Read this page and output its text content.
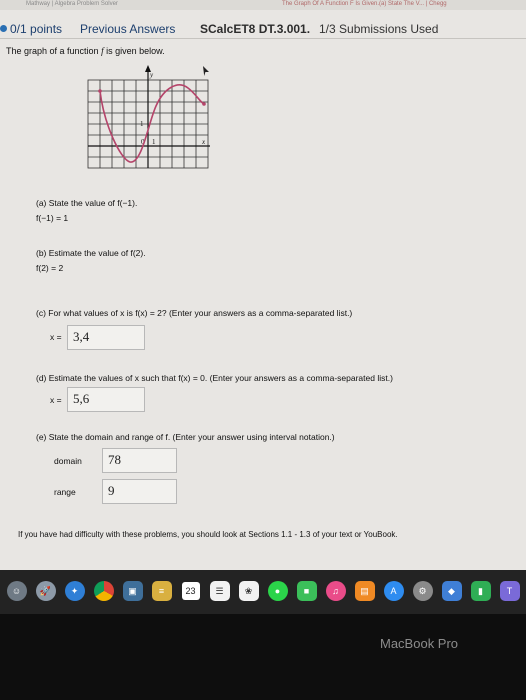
Mathway | Algebra Problem Solver	The Graph Of A Function F Is Given.(a) State The V... | Chegg
0/1 points Previous Answers SCalcET8 DT.3.001. 1/3 Submissions Used
The graph of a function f is given below.
y
x
1
0 1
(a) State the value of f(−1).
f(−1) = 1
(b) Estimate the value of f(2).
f(2) = 2
(c) For what values of x is f(x) = 2? (Enter your answers as a comma-separated list.)
x = 3,4
(d) Estimate the values of x such that f(x) = 0. (Enter your answers as a comma-separated list.)
x = 5,6
(e) State the domain and range of f. (Enter your answer using interval notation.)
domain	78
range	9
If you have had difficulty with these problems, you should look at Sections 1.1 - 1.3 of your text or YouBook.
☺	🚀	✦	▣	≡	23	☰	❀	●	■	♫	▤	A	⚙	◆	▮	T
MacBook Pro
